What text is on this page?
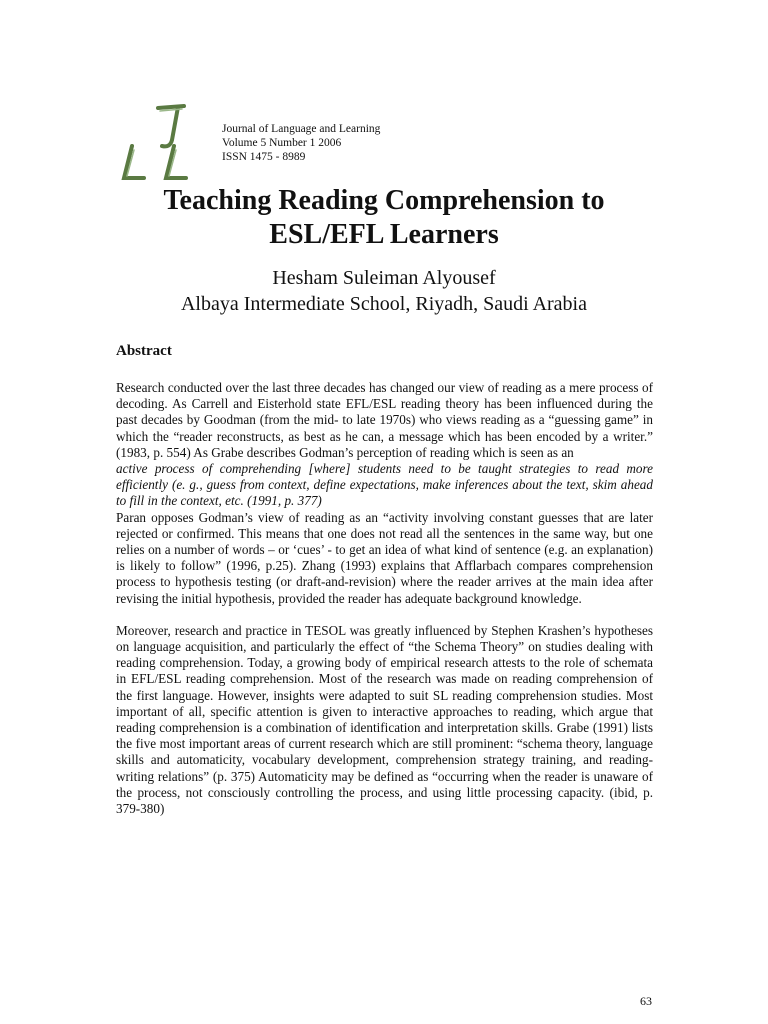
Journal of Language and Learning
Volume 5 Number 1 2006
ISSN 1475 - 8989
Teaching Reading Comprehension to
ESL/EFL Learners
Hesham Suleiman Alyousef
Albaya Intermediate School, Riyadh, Saudi Arabia
Abstract

Research conducted over the last three decades has changed our view of reading as a mere process of decoding. As Carrell and Eisterhold state EFL/ESL reading theory has been influenced during the past decades by Goodman (from the mid- to late 1970s) who views reading as a “guessing game” in which the “reader reconstructs, as best as he can, a message which has been encoded by a writer.” (1983, p. 554) As Grabe describes Godman’s perception of reading which is seen as an

active process of comprehending [where] students need to be taught strategies to read more efficiently (e. g., guess from context, define expectations, make inferences about the text, skim ahead to fill in the context, etc. (1991, p. 377)

Paran opposes Godman’s view of reading as an “activity involving constant guesses that are later rejected or confirmed. This means that one does not read all the sentences in the same way, but one relies on a number of words – or ‘cues’ - to get an idea of what kind of sentence (e.g. an explanation) is likely to follow” (1996, p.25). Zhang (1993) explains that Afflarbach compares comprehension process to hypothesis testing (or draft-and-revision) where the reader arrives at the main idea after revising the initial hypothesis, provided the reader has adequate background knowledge.

Moreover, research and practice in TESOL was greatly influenced by Stephen Krashen’s hypotheses on language acquisition, and particularly the effect of “the Schema Theory” on studies dealing with reading comprehension. Today, a growing body of empirical research attests to the role of schemata in EFL/ESL reading comprehension. Most of the research was made on reading comprehension of the first language. However, insights were adapted to suit SL reading comprehension studies. Most important of all, specific attention is given to interactive approaches to reading, which argue that reading comprehension is a combination of identification and interpretation skills. Grabe (1991) lists the five most important areas of current research which are still prominent: “schema theory, language skills and automaticity, vocabulary development, comprehension strategy training, and reading-writing relations” (p. 375) Automaticity may be defined as “occurring when the reader is unaware of the process, not consciously controlling the process, and using little processing capacity. (ibid, p. 379-380)

63
